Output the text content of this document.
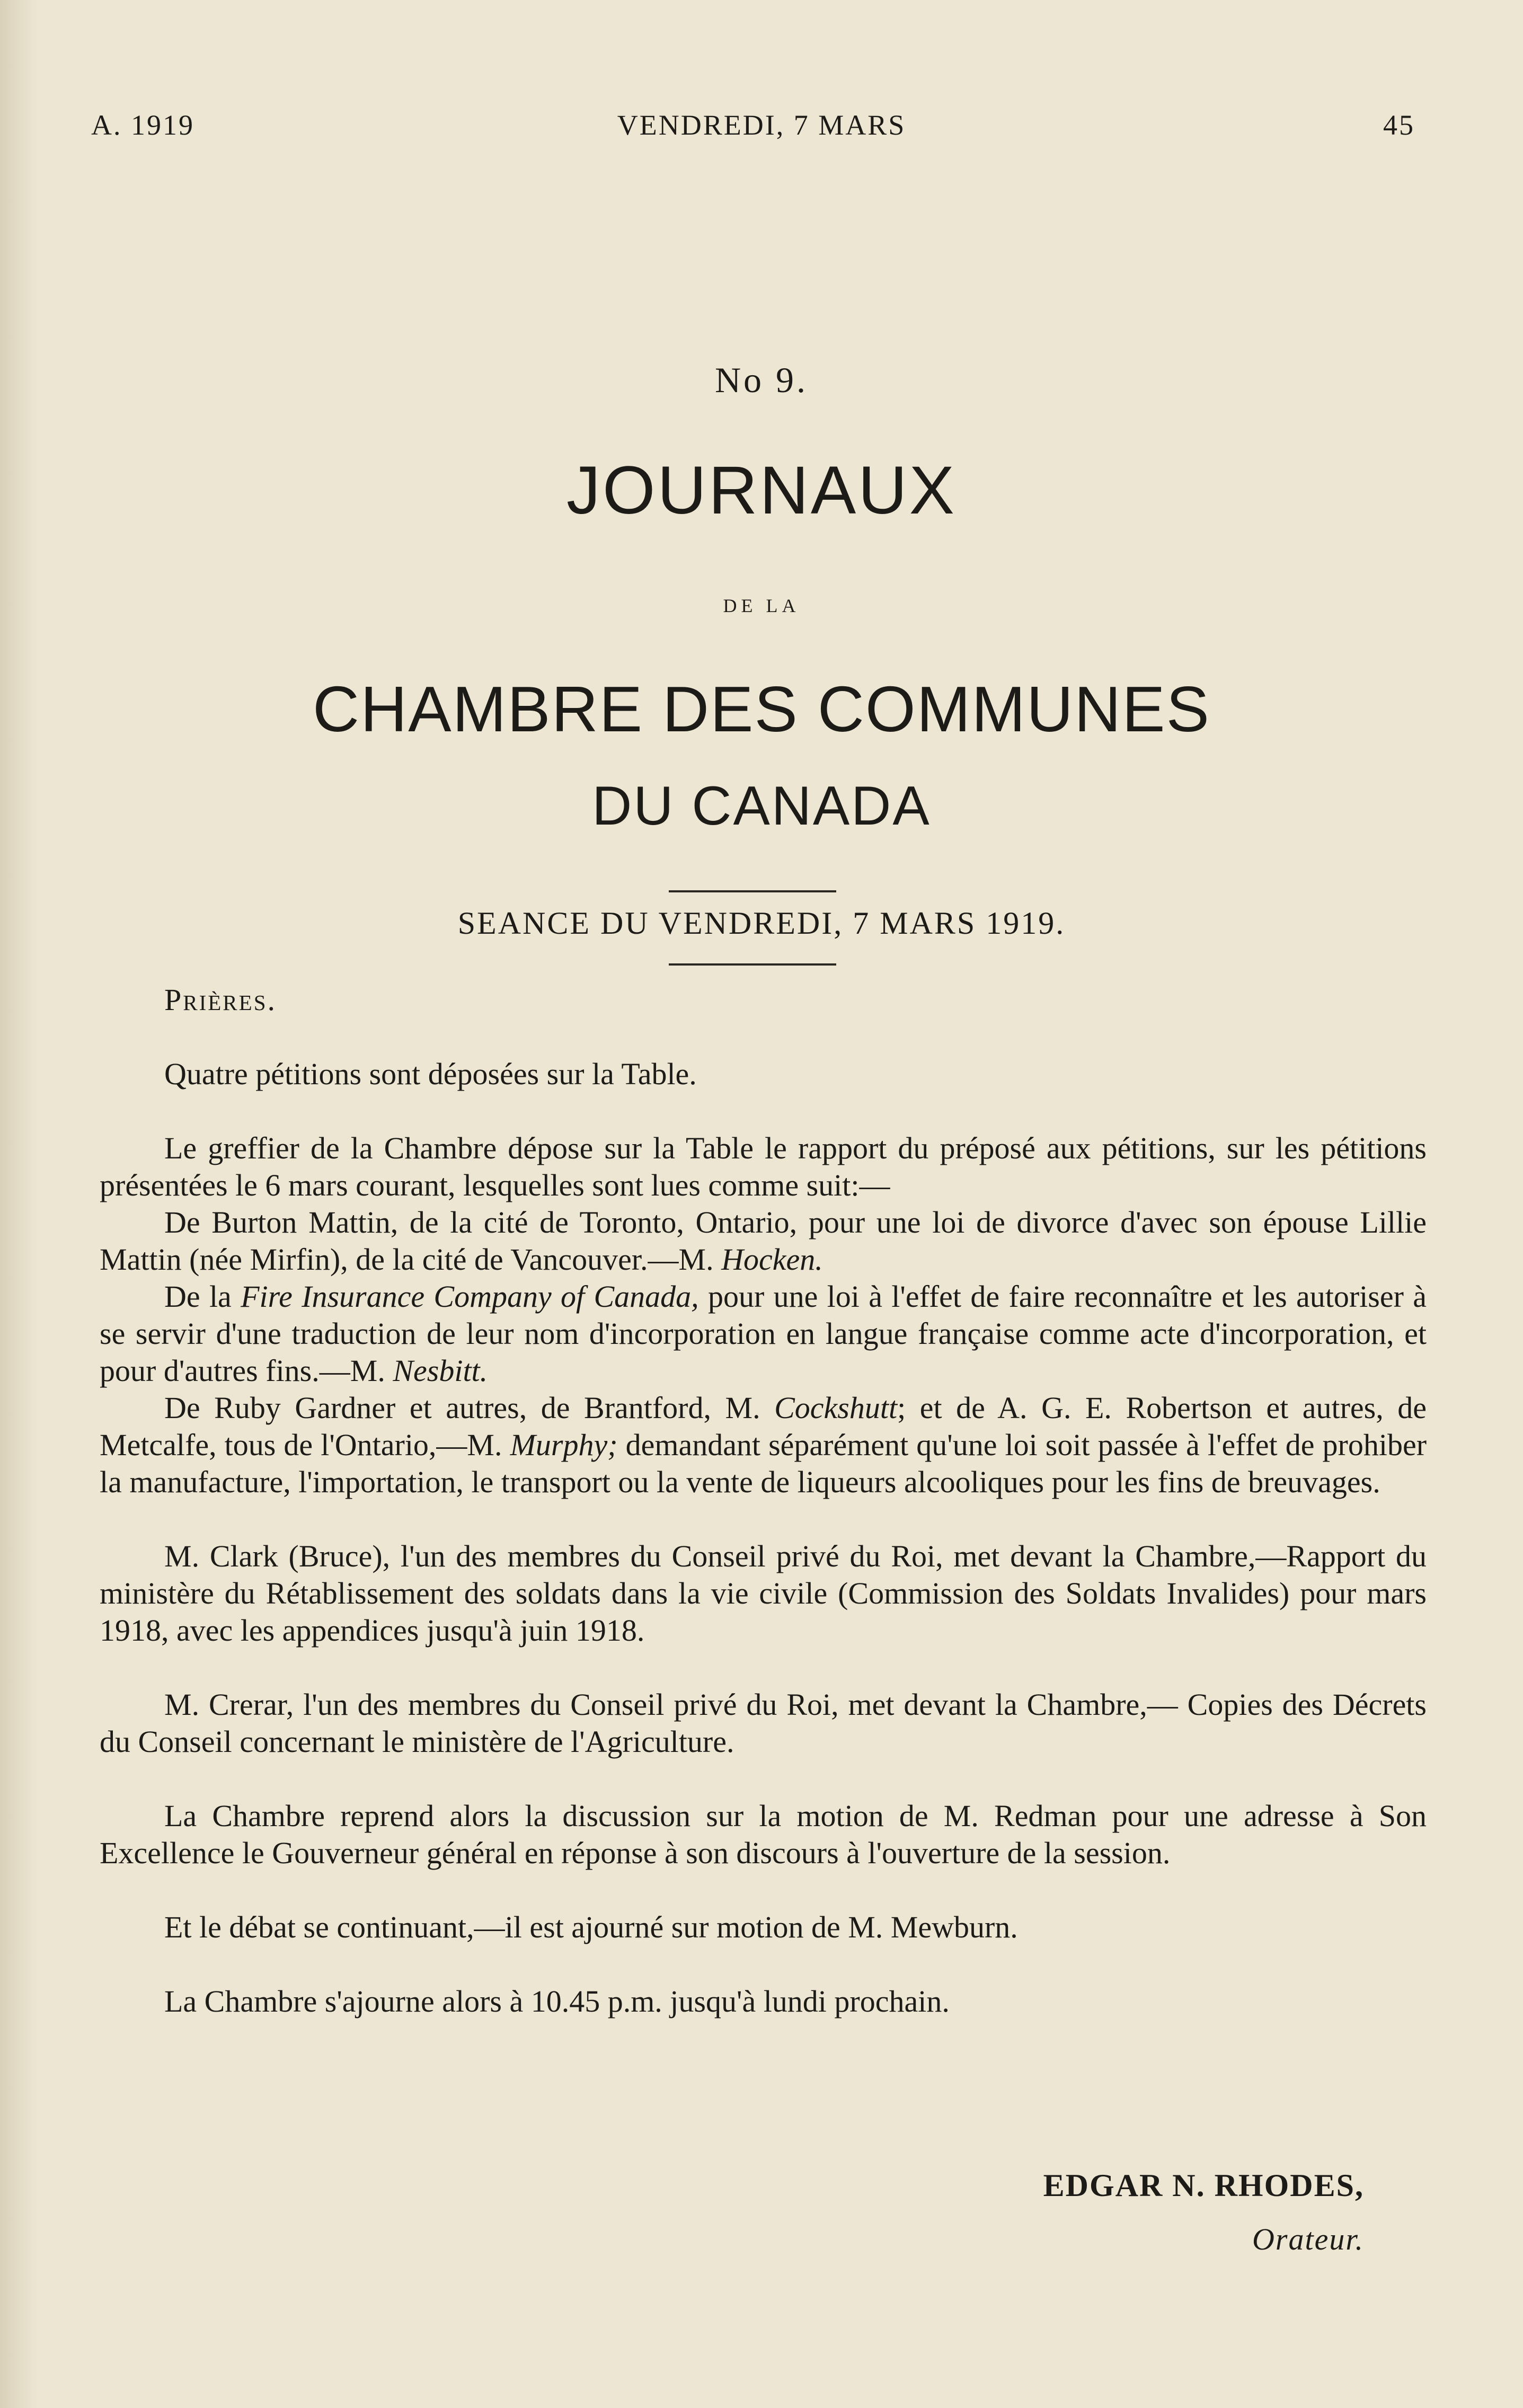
A. 1919	VENDREDI, 7 MARS	45
No 9.
JOURNAUX
DE LA
CHAMBRE DES COMMUNES
DU CANADA
SEANCE DU VENDREDI, 7 MARS 1919.

Prières.

Quatre pétitions sont déposées sur la Table.

Le greffier de la Chambre dépose sur la Table le rapport du préposé aux pétitions, sur les pétitions présentées le 6 mars courant, lesquelles sont lues comme suit:—

De Burton Mattin, de la cité de Toronto, Ontario, pour une loi de divorce d'avec son épouse Lillie Mattin (née Mirfin), de la cité de Vancouver.—M. Hocken.

De la Fire Insurance Company of Canada, pour une loi à l'effet de faire reconnaître et les autoriser à se servir d'une traduction de leur nom d'incorporation en langue française comme acte d'incorporation, et pour d'autres fins.—M. Nesbitt.

De Ruby Gardner et autres, de Brantford, M. Cockshutt; et de A. G. E. Robertson et autres, de Metcalfe, tous de l'Ontario,—M. Murphy; demandant séparément qu'une loi soit passée à l'effet de prohiber la manufacture, l'importation, le transport ou la vente de liqueurs alcooliques pour les fins de breuvages.

M. Clark (Bruce), l'un des membres du Conseil privé du Roi, met devant la Chambre,—Rapport du ministère du Rétablissement des soldats dans la vie civile (Commission des Soldats Invalides) pour mars 1918, avec les appendices jusqu'à juin 1918.

M. Crerar, l'un des membres du Conseil privé du Roi, met devant la Chambre,— Copies des Décrets du Conseil concernant le ministère de l'Agriculture.

La Chambre reprend alors la discussion sur la motion de M. Redman pour une adresse à Son Excellence le Gouverneur général en réponse à son discours à l'ouverture de la session.

Et le débat se continuant,—il est ajourné sur motion de M. Mewburn.

La Chambre s'ajourne alors à 10.45 p.m. jusqu'à lundi prochain.

EDGAR N. RHODES,
Orateur.
